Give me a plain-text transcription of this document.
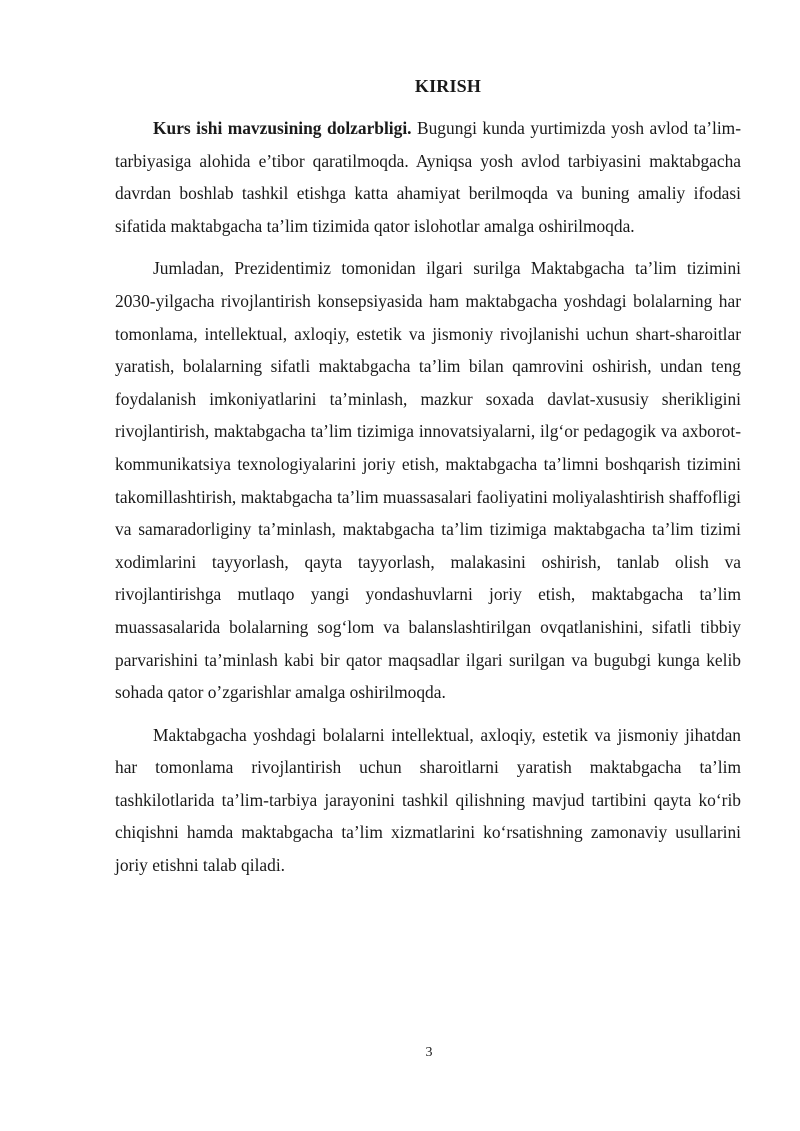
KIRISH

Kurs ishi mavzusining dolzarbligi. Bugungi kunda yurtimizda yosh avlod ta’lim-tarbiyasiga alohida e’tibor qaratilmoqda. Ayniqsa yosh avlod tarbiyasini maktabgacha davrdan boshlab tashkil etishga katta ahamiyat berilmoqda va buning amaliy ifodasi sifatida maktabgacha ta’lim tizimida qator islohotlar amalga oshirilmoqda.

Jumladan, Prezidentimiz tomonidan ilgari surilga Maktabgacha ta’lim tizimini 2030-yilgacha rivojlantirish konsepsiyasida ham maktabgacha yoshdagi bolalarning har tomonlama, intellektual, axloqiy, estetik va jismoniy rivojlanishi uchun shart-sharoitlar yaratish, bolalarning sifatli maktabgacha ta’lim bilan qamrovini oshirish, undan teng foydalanish imkoniyatlarini ta’minlash, mazkur soxada davlat-xususiy sherikligini rivojlantirish, maktabgacha ta’lim tizimiga innovatsiyalarni, ilg‘or pedagogik va axborot-kommunikatsiya texnologiyalarini joriy etish, maktabgacha ta’limni boshqarish tizimini takomillashtirish, maktabgacha ta’lim muassasalari faoliyatini moliyalashtirish shaffofligi va samaradorliginy ta’minlash, maktabgacha ta’lim tizimiga maktabgacha ta’lim tizimi xodimlarini tayyorlash, qayta tayyorlash, malakasini oshirish, tanlab olish va rivojlantirishga mutlaqo yangi yondashuvlarni joriy etish, maktabgacha ta’lim muassasalarida bolalarning sog‘lom va balanslashtirilgan ovqatlanishini, sifatli tibbiy parvarishini ta’minlash kabi bir qator maqsadlar ilgari surilgan va bugubgi kunga kelib sohada qator o’zgarishlar amalga oshirilmoqda.

Maktabgacha yoshdagi bolalarni intellektual, axloqiy, estetik va jismoniy jihatdan har tomonlama rivojlantirish uchun sharoitlarni yaratish maktabgacha ta’lim tashkilotlarida ta’lim-tarbiya jarayonini tashkil qilishning mavjud tartibini qayta ko‘rib chiqishni hamda maktabgacha ta’lim xizmatlarini ko‘rsatishning zamonaviy usullarini joriy etishni talab qiladi.

3
